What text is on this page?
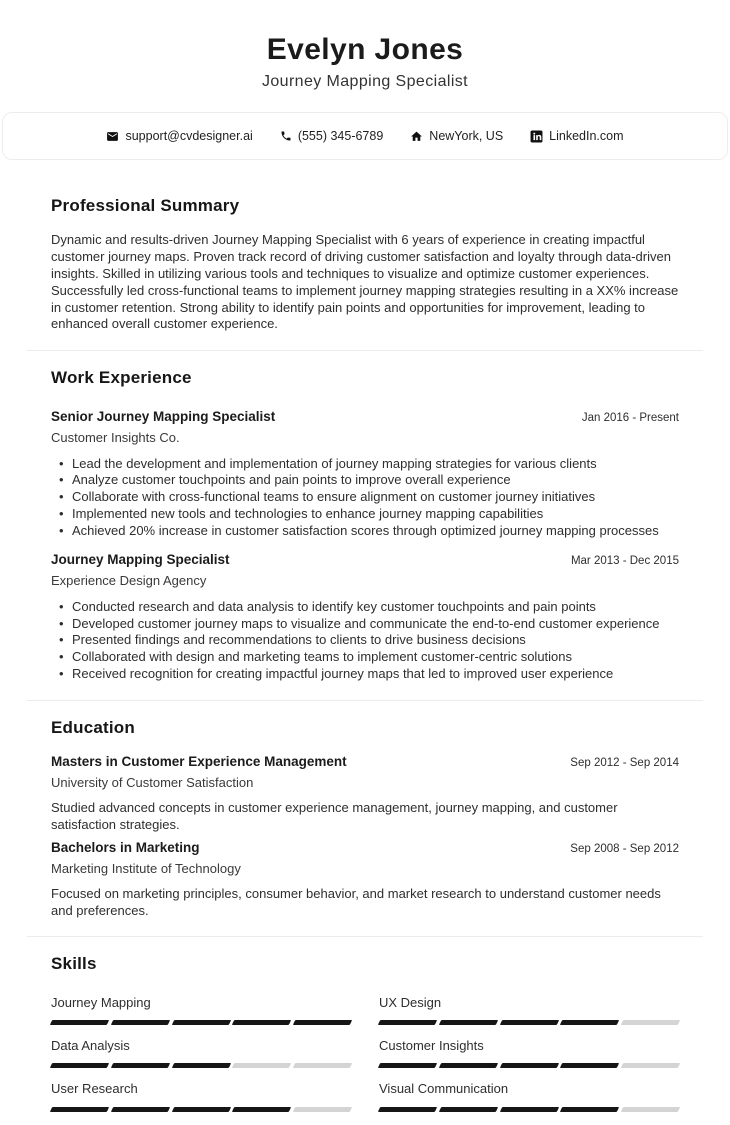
Evelyn Jones
Journey Mapping Specialist
support@cvdesigner.ai	(555) 345-6789	NewYork, US	LinkedIn.com
Professional Summary

Dynamic and results-driven Journey Mapping Specialist with 6 years of experience in creating impactful customer journey maps. Proven track record of driving customer satisfaction and loyalty through data-driven insights. Skilled in utilizing various tools and techniques to visualize and optimize customer experiences. Successfully led cross-functional teams to implement journey mapping strategies resulting in a XX% increase in customer retention. Strong ability to identify pain points and opportunities for improvement, leading to enhanced overall customer experience.

Work Experience
Senior Journey Mapping Specialist	Jan 2016 - Present
Customer Insights Co.
• Lead the development and implementation of journey mapping strategies for various clients
• Analyze customer touchpoints and pain points to improve overall experience
• Collaborate with cross-functional teams to ensure alignment on customer journey initiatives
• Implemented new tools and technologies to enhance journey mapping capabilities
• Achieved 20% increase in customer satisfaction scores through optimized journey mapping processes
Journey Mapping Specialist	Mar 2013 - Dec 2015
Experience Design Agency
• Conducted research and data analysis to identify key customer touchpoints and pain points
• Developed customer journey maps to visualize and communicate the end-to-end customer experience
• Presented findings and recommendations to clients to drive business decisions
• Collaborated with design and marketing teams to implement customer-centric solutions
• Received recognition for creating impactful journey maps that led to improved user experience
Education
Masters in Customer Experience Management	Sep 2012 - Sep 2014
University of Customer Satisfaction

Studied advanced concepts in customer experience management, journey mapping, and customer satisfaction strategies.

Bachelors in Marketing	Sep 2008 - Sep 2012
Marketing Institute of Technology

Focused on marketing principles, consumer behavior, and market research to understand customer needs and preferences.

Skills
Journey Mapping	UX Design
Data Analysis	Customer Insights
User Research	Visual Communication
